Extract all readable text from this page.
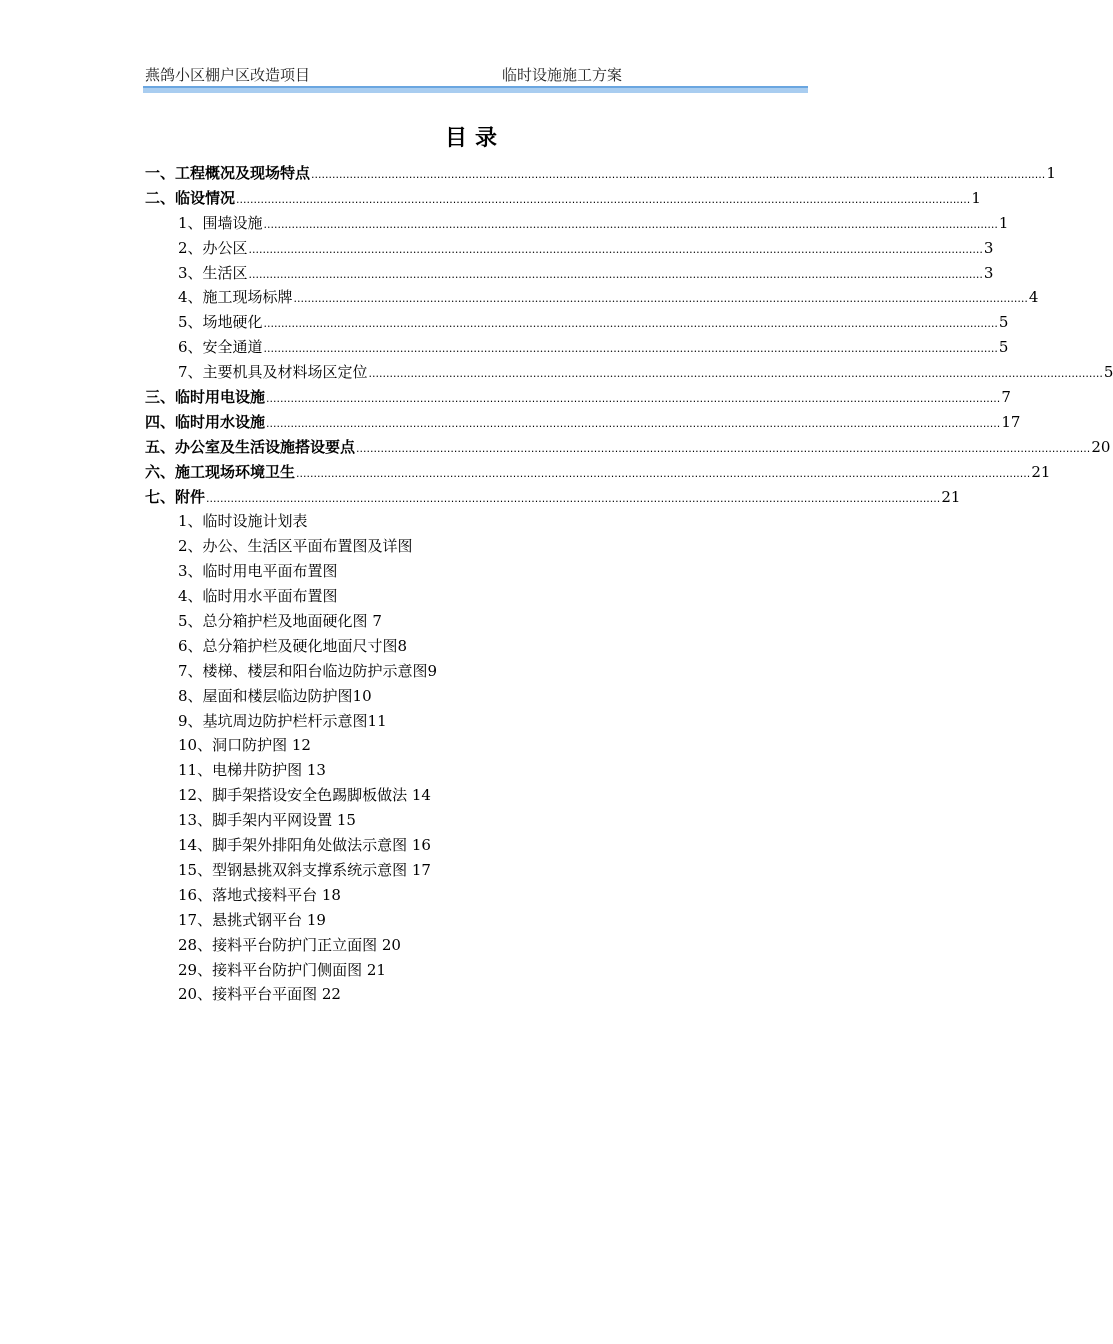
燕鸽小区棚户区改造项目	临时设施施工方案
目录
一、工程概况及现场特点 .................................................................................................................................................................................................................. 1
二、临设情况 .................................................................................................................................................................................................................. 1
1、围墙设施 .................................................................................................................................................................................................................. 1
2、办公区 .................................................................................................................................................................................................................. 3
3、生活区 .................................................................................................................................................................................................................. 3
4、施工现场标牌 .................................................................................................................................................................................................................. 4
5、场地硬化 .................................................................................................................................................................................................................. 5
6、安全通道 .................................................................................................................................................................................................................. 5
7、主要机具及材料场区定位 .................................................................................................................................................................................................................. 5
三、临时用电设施 .................................................................................................................................................................................................................. 7
四、临时用水设施 .................................................................................................................................................................................................................. 17
五、办公室及生活设施搭设要点 .................................................................................................................................................................................................................. 20
六、施工现场环境卫生 .................................................................................................................................................................................................................. 21
七、附件 .................................................................................................................................................................................................................. 21
1、临时设施计划表
2、办公、生活区平面布置图及详图
3、临时用电平面布置图
4、临时用水平面布置图
5、总分箱护栏及地面硬化图 7
6、总分箱护栏及硬化地面尺寸图8
7、楼梯、楼层和阳台临边防护示意图9
8、屋面和楼层临边防护图10
9、基坑周边防护栏杆示意图11
10、洞口防护图 12
11、电梯井防护图 13
12、脚手架搭设安全色踢脚板做法 14
13、脚手架内平网设置 15
14、脚手架外排阳角处做法示意图 16
15、型钢悬挑双斜支撑系统示意图 17
16、落地式接料平台 18
17、悬挑式钢平台 19
28、接料平台防护门正立面图 20
29、接料平台防护门侧面图 21
20、接料平台平面图 22
